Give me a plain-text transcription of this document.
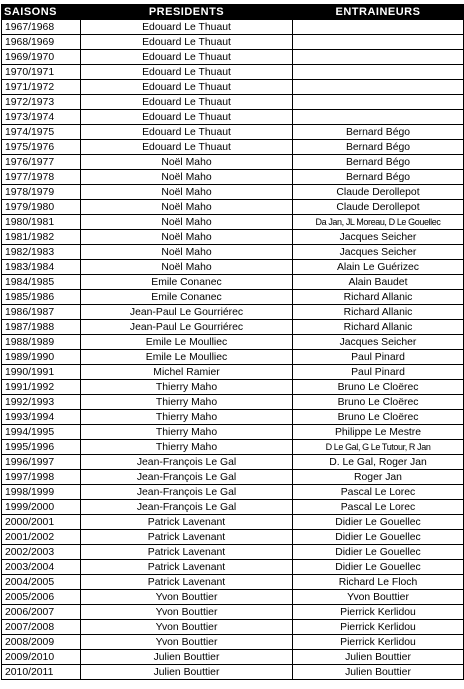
SAISONS	PRESIDENTS	ENTRAINEURS
1967/1968	Edouard Le Thuaut	
1968/1969	Edouard Le Thuaut	
1969/1970	Edouard Le Thuaut	
1970/1971	Edouard Le Thuaut	
1971/1972	Edouard Le Thuaut	
1972/1973	Edouard Le Thuaut	
1973/1974	Edouard Le Thuaut	
1974/1975	Edouard Le Thuaut	Bernard Bégo
1975/1976	Edouard Le Thuaut	Bernard Bégo
1976/1977	Noël Maho	Bernard Bégo
1977/1978	Noël Maho	Bernard Bégo
1978/1979	Noël Maho	Claude Derollepot
1979/1980	Noël Maho	Claude Derollepot
1980/1981	Noël Maho	Da Jan, JL Moreau, D Le Gouellec
1981/1982	Noël Maho	Jacques Seicher
1982/1983	Noël Maho	Jacques Seicher
1983/1984	Noël Maho	Alain Le Guérizec
1984/1985	Emile Conanec	Alain Baudet
1985/1986	Emile Conanec	Richard Allanic
1986/1987	Jean-Paul Le Gourriérec	Richard Allanic
1987/1988	Jean-Paul Le Gourriérec	Richard Allanic
1988/1989	Emile Le Moulliec	Jacques Seicher
1989/1990	Emile Le Moulliec	Paul Pinard
1990/1991	Michel Ramier	Paul Pinard
1991/1992	Thierry Maho	Bruno Le Cloërec
1992/1993	Thierry Maho	Bruno Le Cloërec
1993/1994	Thierry Maho	Bruno Le Cloërec
1994/1995	Thierry Maho	Philippe Le Mestre
1995/1996	Thierry Maho	D Le Gal, G Le Tutour, R Jan
1996/1997	Jean-François Le Gal	D. Le Gal, Roger Jan
1997/1998	Jean-François Le Gal	Roger Jan
1998/1999	Jean-François Le Gal	Pascal Le Lorec
1999/2000	Jean-François Le Gal	Pascal Le Lorec
2000/2001	Patrick Lavenant	Didier Le Gouellec
2001/2002	Patrick Lavenant	Didier Le Gouellec
2002/2003	Patrick Lavenant	Didier Le Gouellec
2003/2004	Patrick Lavenant	Didier Le Gouellec
2004/2005	Patrick Lavenant	Richard Le Floch
2005/2006	Yvon Bouttier	Yvon Bouttier
2006/2007	Yvon Bouttier	Pierrick Kerlidou
2007/2008	Yvon Bouttier	Pierrick Kerlidou
2008/2009	Yvon Bouttier	Pierrick Kerlidou
2009/2010	Julien Bouttier	Julien Bouttier
2010/2011	Julien Bouttier	Julien Bouttier
